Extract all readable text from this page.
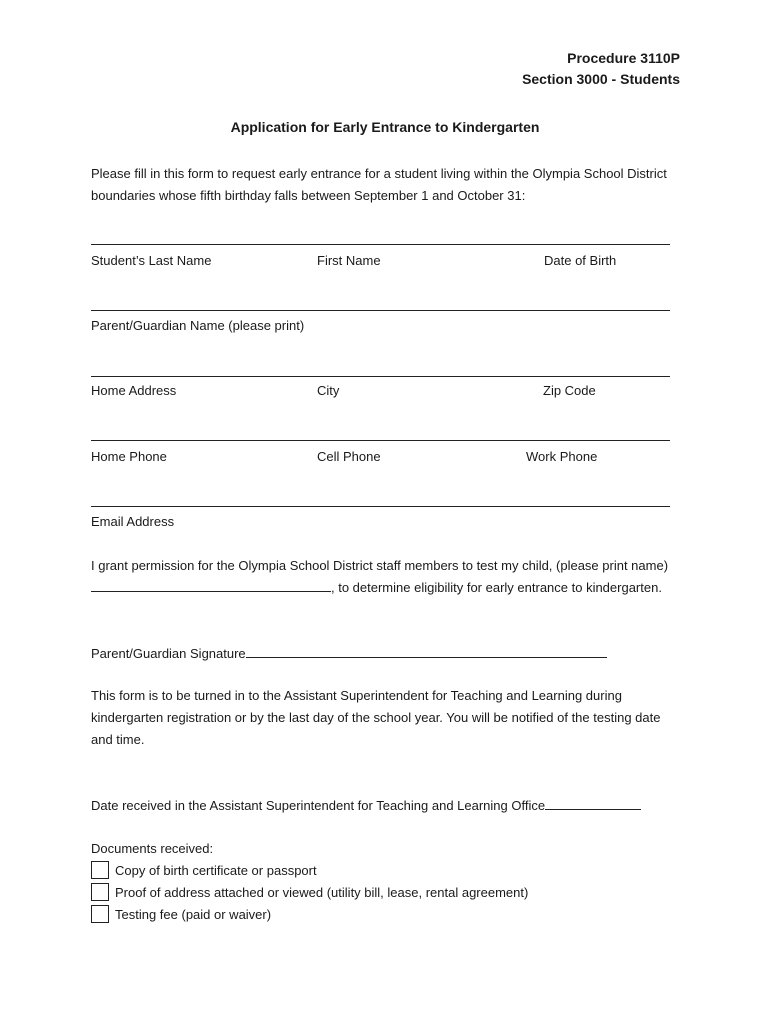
Procedure 3110P
Section 3000 - Students
Application for Early Entrance to Kindergarten
Please fill in this form to request early entrance for a student living within the Olympia School District boundaries whose fifth birthday falls between September 1 and October 31:
Student’s Last Name	First Name	Date of Birth
Parent/Guardian Name (please print)
Home Address	City	Zip Code
Home Phone	Cell Phone	Work Phone
Email Address
I grant permission for the Olympia School District staff members to test my child, (please print name) , to determine eligibility for early entrance to kindergarten.
Parent/Guardian Signature
This form is to be turned in to the Assistant Superintendent for Teaching and Learning during kindergarten registration or by the last day of the school year. You will be notified of the testing date and time.
Date received in the Assistant Superintendent for Teaching and Learning Office
Documents received:
Copy of birth certificate or passport
Proof of address attached or viewed (utility bill, lease, rental agreement)
Testing fee (paid or waiver)
